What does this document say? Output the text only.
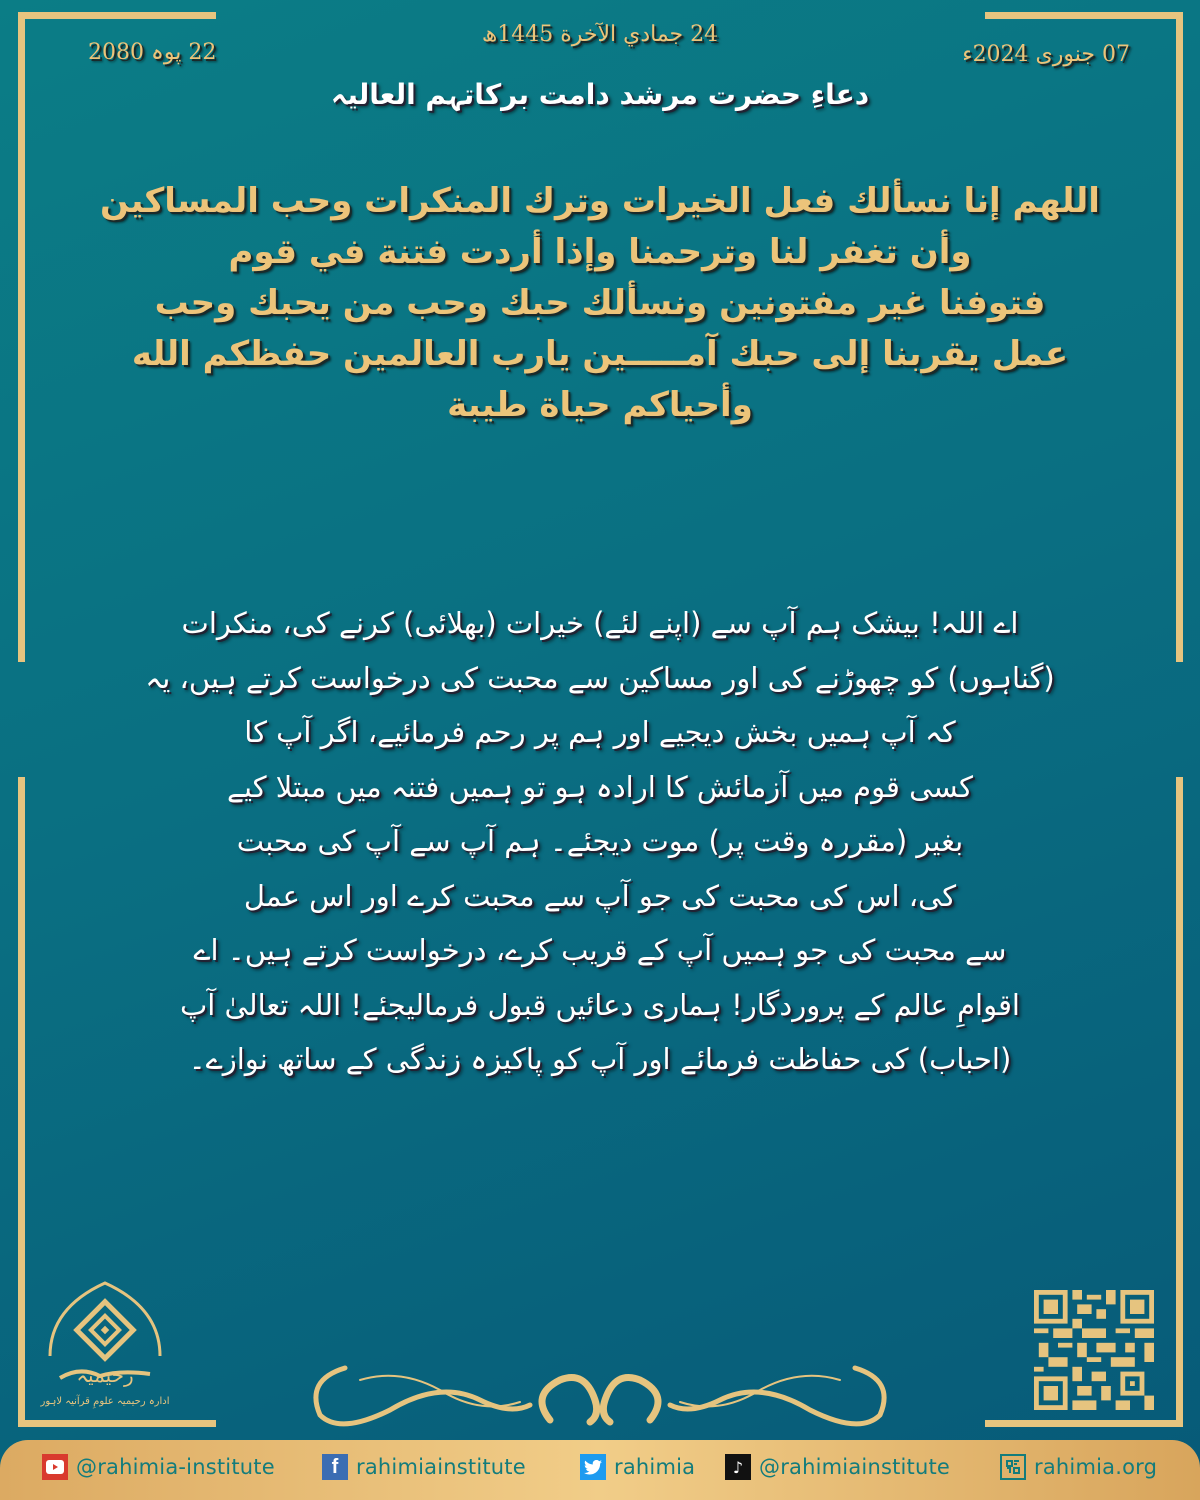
24 جمادي الآخرة 1445ھ
22 پوہ 2080	07 جنوری 2024ء
دعاءِ حضرت مرشد دامت برکاتہم العالیہ
اللهم إنا نسألك فعل الخيرات وترك المنكرات وحب المساكين
وأن تغفر لنا وترحمنا وإذا أردت فتنة في قوم
فتوفنا غير مفتونين ونسألك حبك وحب من يحبك وحب
عمل يقربنا إلى حبك آمـــــين يارب العالمين حفظكم الله
وأحياكم حياة طيبة
اے اللہ! بیشک ہم آپ سے (اپنے لئے) خیرات (بھلائی) کرنے کی، منکرات
(گناہوں) کو چھوڑنے کی اور مساکین سے محبت کی درخواست کرتے ہیں، یہ
کہ آپ ہمیں بخش دیجیے اور ہم پر رحم فرمائیے، اگر آپ کا
کسی قوم میں آزمائش کا ارادہ ہو تو ہمیں فتنہ میں مبتلا کیے
بغیر (مقررہ وقت پر) موت دیجئے۔ ہم آپ سے آپ کی محبت
کی، اس کی محبت کی جو آپ سے محبت کرے اور اس عمل
سے محبت کی جو ہمیں آپ کے قریب کرے، درخواست کرتے ہیں۔ اے
اقوامِ عالم کے پروردگار! ہماری دعائیں قبول فرمالیجئے! اللہ تعالیٰ آپ
(احباب) کی حفاظت فرمائے اور آپ کو پاکیزہ زندگی کے ساتھ نوازے۔
رحیمیہ
ادارہ رحیمیہ علومِ قرآنیہ لاہور
@rahimia-institute	f rahimiainstitute	rahimia	♪ @rahimiainstitute	rahimia.org
